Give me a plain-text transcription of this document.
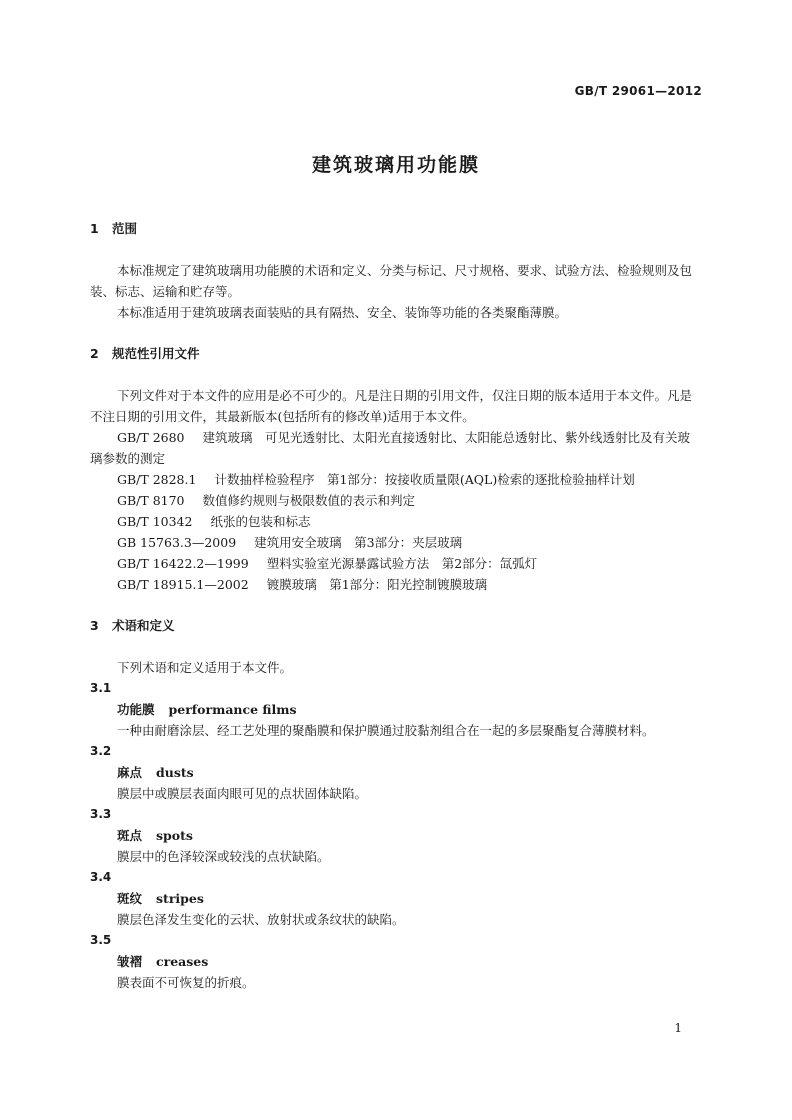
GB/T 29061—2012
建筑玻璃用功能膜
1 范围

本标准规定了建筑玻璃用功能膜的术语和定义、分类与标记、尺寸规格、要求、试验方法、检验规则及包装、标志、运输和贮存等。

本标准适用于建筑玻璃表面装贴的具有隔热、安全、装饰等功能的各类聚酯薄膜。

2 规范性引用文件

下列文件对于本文件的应用是必不可少的。凡是注日期的引用文件，仅注日期的版本适用于本文件。凡是不注日期的引用文件，其最新版本(包括所有的修改单)适用于本文件。

GB/T 2680 建筑玻璃　可见光透射比、太阳光直接透射比、太阳能总透射比、紫外线透射比及有关玻璃参数的测定

GB/T 2828.1 计数抽样检验程序　第1部分：按接收质量限(AQL)检索的逐批检验抽样计划

GB/T 8170 数值修约规则与极限数值的表示和判定

GB/T 10342 纸张的包装和标志

GB 15763.3—2009 建筑用安全玻璃　第3部分：夹层玻璃

GB/T 16422.2—1999 塑料实验室光源暴露试验方法　第2部分：氙弧灯

GB/T 18915.1—2002 镀膜玻璃　第1部分：阳光控制镀膜玻璃

3 术语和定义

下列术语和定义适用于本文件。

3.1
功能膜 performance films
一种由耐磨涂层、经工艺处理的聚酯膜和保护膜通过胶黏剂组合在一起的多层聚酯复合薄膜材料。
3.2
麻点 dusts
膜层中或膜层表面肉眼可见的点状固体缺陷。
3.3
斑点 spots
膜层中的色泽较深或较浅的点状缺陷。
3.4
斑纹 stripes
膜层色泽发生变化的云状、放射状或条纹状的缺陷。
3.5
皱褶 creases
膜表面不可恢复的折痕。
1
